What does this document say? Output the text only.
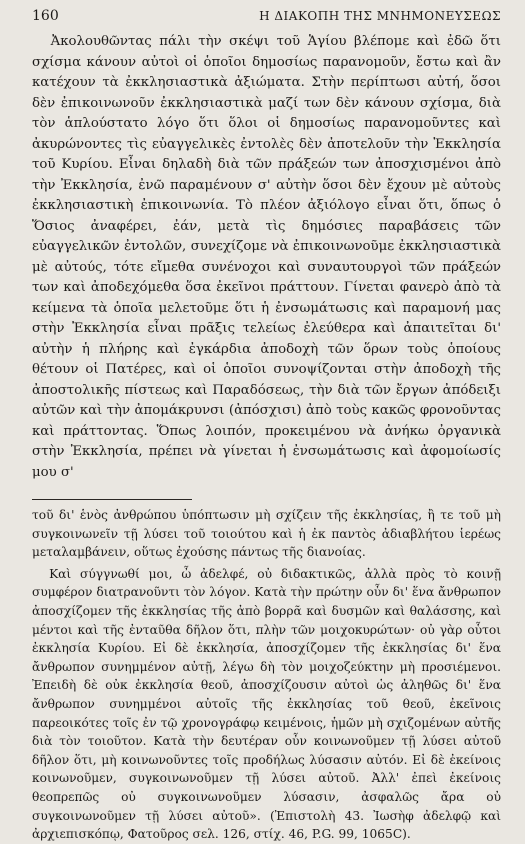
160	Η ΔΙΑΚΟΠΗ ΤΗΣ ΜΝΗΜΟΝΕΥΣΕΩΣ

Ἀκολουθῶντας πάλι τὴν σκέψι τοῦ Ἁγίου βλέπομε καὶ ἐδῶ ὅτι σχίσμα κάνουν αὐτοὶ οἱ ὁποῖοι δημοσίως παρανομοῦν, ἔστω καὶ ἂν κατέχουν τὰ ἐκκλησιαστικὰ ἀξιώματα. Στὴν περίπτωσι αὐτή, ὅσοι δὲν ἐπικοινωνοῦν ἐκκλησιαστικὰ μαζί των δὲν κάνουν σχίσμα, διὰ τὸν ἁπλούστατο λόγο ὅτι ὅλοι οἱ δημοσίως παρανομοῦντες καὶ ἀκυρώνοντες τὶς εὐαγγελικὲς ἐντολὲς δὲν ἀποτελοῦν τὴν Ἐκκλησία τοῦ Κυρίου. Εἶναι δηλαδὴ διὰ τῶν πράξεών των ἀποσχισμένοι ἀπὸ τὴν Ἐκκλησία, ἐνῶ παραμένουν σ' αὐτὴν ὅσοι δὲν ἔχουν μὲ αὐτοὺς ἐκκλησιαστικὴ ἐπικοινωνία. Τὸ πλέον ἀξιόλογο εἶναι ὅτι, ὅπως ὁ Ὅσιος ἀναφέρει, ἐάν, μετὰ τὶς δημόσιες παραβάσεις τῶν εὐαγγελικῶν ἐντολῶν, συνεχίζομε νὰ ἐπικοινωνοῦμε ἐκκλησιαστικὰ μὲ αὐτούς, τότε εἴμεθα συνένοχοι καὶ συναυτουργοὶ τῶν πράξεών των καὶ ἀποδεχόμεθα ὅσα ἐκεῖνοι πράττουν. Γίνεται φανερὸ ἀπὸ τὰ κείμενα τὰ ὁποῖα μελετοῦμε ὅτι ἡ ἐνσωμάτωσις καὶ παραμονή μας στὴν Ἐκκλησία εἶναι πρᾶξις τελείως ἐλεύθερα καὶ ἀπαιτεῖται δι' αὐτὴν ἡ πλήρης καὶ ἐγκάρδια ἀποδοχὴ τῶν ὅρων τοὺς ὁποίους θέτουν οἱ Πατέρες, καὶ οἱ ὁποῖοι συνοψίζονται στὴν ἀποδοχὴ τῆς ἀποστολικῆς πίστεως καὶ Παραδόσεως, τὴν διὰ τῶν ἔργων ἀπόδειξι αὐτῶν καὶ τὴν ἀπομάκρυνσι (ἀπόσχισι) ἀπὸ τοὺς κακῶς φρονοῦντας καὶ πράττοντας. Ὅπως λοιπόν, προκειμένου νὰ ἀνήκω ὀργανικὰ στὴν Ἐκκλησία, πρέπει νὰ γίνεται ἡ ἐνσωμάτωσις καὶ ἀφομοίωσίς μου σ'

τοῦ δι' ἑνὸς ἀνθρώπου ὑπόπτωσιν μὴ σχίζειν τῆς ἐκκλησίας, ἢ τε τοῦ μὴ συγκοινωνεῖν τῇ λύσει τοῦ τοιούτου καὶ ἡ ἐκ παντὸς ἀδιαβλήτου ἱερέως μεταλαμβάνειν, οὕτως ἐχούσης πάντως τῆς διανοίας.

Καὶ σύγγνωθί μοι, ὦ ἀδελφέ, οὐ διδακτικῶς, ἀλλὰ πρὸς τὸ κοινῇ συμφέρον διατρανοῦντι τὸν λόγον. Κατὰ τὴν πρώτην οὖν δι' ἕνα ἄνθρωπον ἀποσχίζομεν τῆς ἐκκλησίας τῆς ἀπὸ βορρᾶ καὶ δυσμῶν καὶ θαλάσσης, καὶ μέντοι καὶ τῆς ἐνταῦθα δῆλον ὅτι, πλὴν τῶν μοιχοκυρώτων· οὐ γὰρ οὗτοι ἐκκλησία Κυρίου. Εἰ δὲ ἐκκλησία, ἀποσχίζομεν τῆς ἐκκλησίας δι' ἕνα ἄνθρωπον συνημμένον αὐτῇ, λέγω δὴ τὸν μοιχοζεύκτην μὴ προσιέμενοι. Ἐπειδὴ δὲ οὐκ ἐκκλησία θεοῦ, ἀποσχίζουσιν αὐτοὶ ὡς ἀληθῶς δι' ἕνα ἄνθρωπον συνημμένοι αὐτοῖς τῆς ἐκκλησίας τοῦ θεοῦ, ἐκεῖνοις παρεοικότες τοῖς ἐν τῷ χρονογράφῳ κειμένοις, ἡμῶν μὴ σχιζομένων αὐτῆς διὰ τὸν τοιοῦτον. Κατὰ τὴν δευτέραν οὖν κοινωνοῦμεν τῇ λύσει αὐτοῦ δῆλον ὅτι, μὴ κοινωνοῦντες τοῖς προδήλως λύσασιν αὐτόν. Εἰ δὲ ἐκείνοις κοινωνοῦμεν, συγκοινωνοῦμεν τῇ λύσει αὐτοῦ. Ἀλλ' ἐπεὶ ἐκείνοις θεοπρεπῶς οὐ συγκοινωνοῦμεν λύσασιν, ἀσφαλῶς ἄρα οὐ συγκοινωνοῦμεν τῇ λύσει αὐτοῦ». (Ἐπιστολὴ 43. Ἰωσὴφ ἀδελφῷ καὶ ἀρχιεπισκόπῳ, Φατοῦρος σελ. 126, στίχ. 46, P.G. 99, 1065C).
